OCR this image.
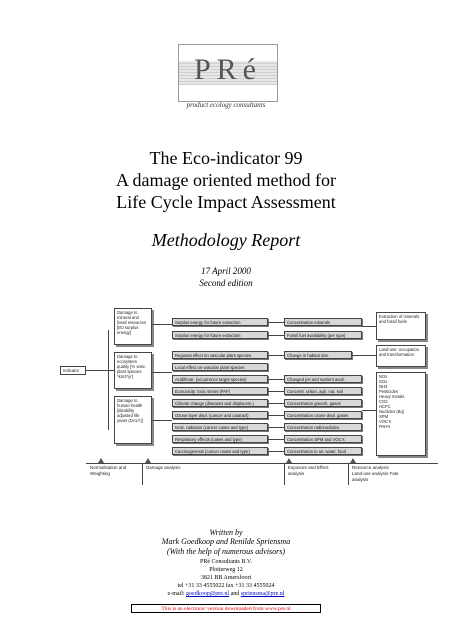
PRé
product ecology consultants
The Eco-indicator 99
A damage oriented method for
Life Cycle Impact Assessment
Methodology Report
17 April 2000
Second edition
Indicator
Damage to mineral and fossil resources [MJ surplus energy]
Damage to ecosystem quality [% vasc. plant species *km2*yr]
Damage to human health [disability adjusted life years (DALY)]
Surplus energy for future extraction
Surplus energy for future extraction
Regional effect on vascular plant species
Local effect on vascular plant species
Acidif/eutr. (occurrence target species)
Ecotoxicity: toxic stress (PAF)
Climate change (diseases and displacem.)
Ozone layer depl. (cancer and cataract)
Ioniz. radiation (cancer cases and type)
Respiratory effects (cases and type)
Carcinogenesis (cancer cases and type)
Concentration minerals
Fossil fuel availability (per type)
Change in habitat size
Changed pH and nutrient avail.
Concentr. urban, agri, nat. soil
Concentration greenh. gases
Concentration ozone depl. gases
Concentration radionuclides
Concentration SPM and VOC's
Concentration in air, water, food
Extraction of minerals and fossil fuels
Land-use: occupation and transformation
NOx
SOx
NH3
Pesticides
Heavy metals
CO2
HCFC
Nuclides (Bq)
SPM
VOC's
PAH's
Normalisation and Weighting
Damage analysis	Exposure and Effect analysis
Resource analysis Land-use analysis Fate analysis
Written by
Mark Goedkoop and Renilde Spriensma
(With the help of numerous advisors)
PRé Consultants B.V.
Plotterweg 12
3821 BB Amersfoort
tel +31 33 4555022 fax +31 33 4555024
e-mail: goedkoop@pre.nl and spriensma@pre.nl
This is an electronic version downloaded from www.pre.nl
